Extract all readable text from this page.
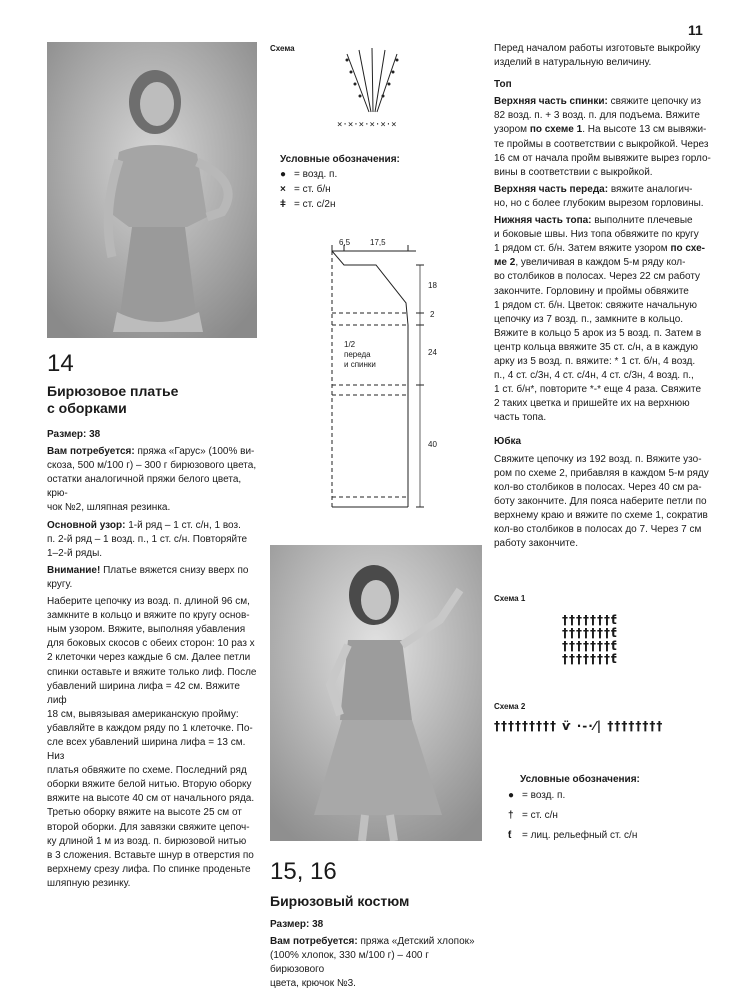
11
14
Бирюзовое платье
с оборками

Размер: 38

Вам потребуется: пряжа «Гарус» (100% ви-
скоза, 500 м/100 г) – 300 г бирюзового цвета,
остатки аналогичной пряжи белого цвета, крю-
чок №2, шляпная резинка.

Основной узор: 1-й ряд – 1 ст. с/н, 1 воз.
п. 2-й ряд – 1 возд. п., 1 ст. с/н. Повторяйте
1–2-й ряды.

Внимание! Платье вяжется снизу вверх по
кругу.

Наберите цепочку из возд. п. длиной 96 см,
замкните в кольцо и вяжите по кругу основ-
ным узором. Вяжите, выполняя убавления
для боковых скосов с обеих сторон: 10 раз х
2 клеточки через каждые 6 см. Далее петли
спинки оставьте и вяжите только лиф. После
убавлений ширина лифа = 42 см. Вяжите лиф
18 см, вывязывая американскую пройму:
убавляйте в каждом ряду по 1 клеточке. По-
сле всех убавлений ширина лифа = 13 см. Низ
платья обвяжите по схеме. Последний ряд
оборки вяжите белой нитью. Вторую оборку
вяжите на высоте 40 см от начального ряда.
Третью оборку вяжите на высоте 25 см от
второй оборки. Для завязки свяжите цепоч-
ку длиной 1 м из возд. п. бирюзовой нитью
в 3 сложения. Вставьте шнур в отверстия по
верхнему срезу лифа. По спинке проденьте
шляпную резинку.

Схема
×·×·×·×·×·×
Условные обозначения:
● = возд. п.
× = ст. б/н
ǂ = ст. с/2н
6,5 17,5
18
2
24
40
1/2
переда
и спинки
15, 16
Бирюзовый костюм

Размер: 38

Вам потребуется: пряжа «Детский хлопок»
(100% хлопок, 330 м/100 г) – 400 г бирюзового
цвета, крючок №3.

Перед началом работы изготовьте выкройку
изделий в натуральную величину.

Топ

Верхняя часть спинки: свяжите цепочку из
82 возд. п. + 3 возд. п. для подъема. Вяжите
узором по схеме 1. На высоте 13 см вывяжи-
те проймы в соответствии с выкройкой. Через
16 см от начала пройм вывяжите вырез горло-
вины в соответствии с выкройкой.

Верхняя часть переда: вяжите аналогич-
но, но с более глубоким вырезом горловины.

Нижняя часть топа: выполните плечевые
и боковые швы. Низ топа обвяжите по кругу
1 рядом ст. б/н. Затем вяжите узором по схе-
ме 2, увеличивая в каждом 5-м ряду кол-
во столбиков в полосах. Через 22 см работу
закончите. Горловину и проймы обвяжите
1 рядом ст. б/н. Цветок: свяжите начальную
цепочку из 7 возд. п., замкните в кольцо.
Вяжите в кольцо 5 арок из 5 возд. п. Затем в
центр кольца ввяжите 35 ст. с/н, а в каждую
арку из 5 возд. п. вяжите: * 1 ст. б/н, 4 возд.
п., 4 ст. с/3н, 4 ст. с/4н, 4 ст. с/3н, 4 возд. п.,
1 ст. б/н*, повторите *-* еще 4 раза. Свяжите
2 таких цветка и пришейте их на верхнюю
часть топа.

Юбка

Свяжите цепочку из 192 возд. п. Вяжите узо-
ром по схеме 2, прибавляя в каждом 5-м ряду
кол-во столбиков в полосах. Через 40 см ра-
боту закончите. Для пояса наберите петли по
верхнему краю и вяжите по схеме 1, сократив
кол-во столбиков в полосах до 7. Через 7 см
работу закончите.

Схема 1
†††††††ƭ
†††††††ƭ
†††††††ƭ
†††††††ƭ
Схема 2
††††††††† ѵ̈ ·-·⁄| ††††††††
Условные обозначения:
● = возд. п.
† = ст. с/н
ƭ = лиц. рельефный ст. с/н
